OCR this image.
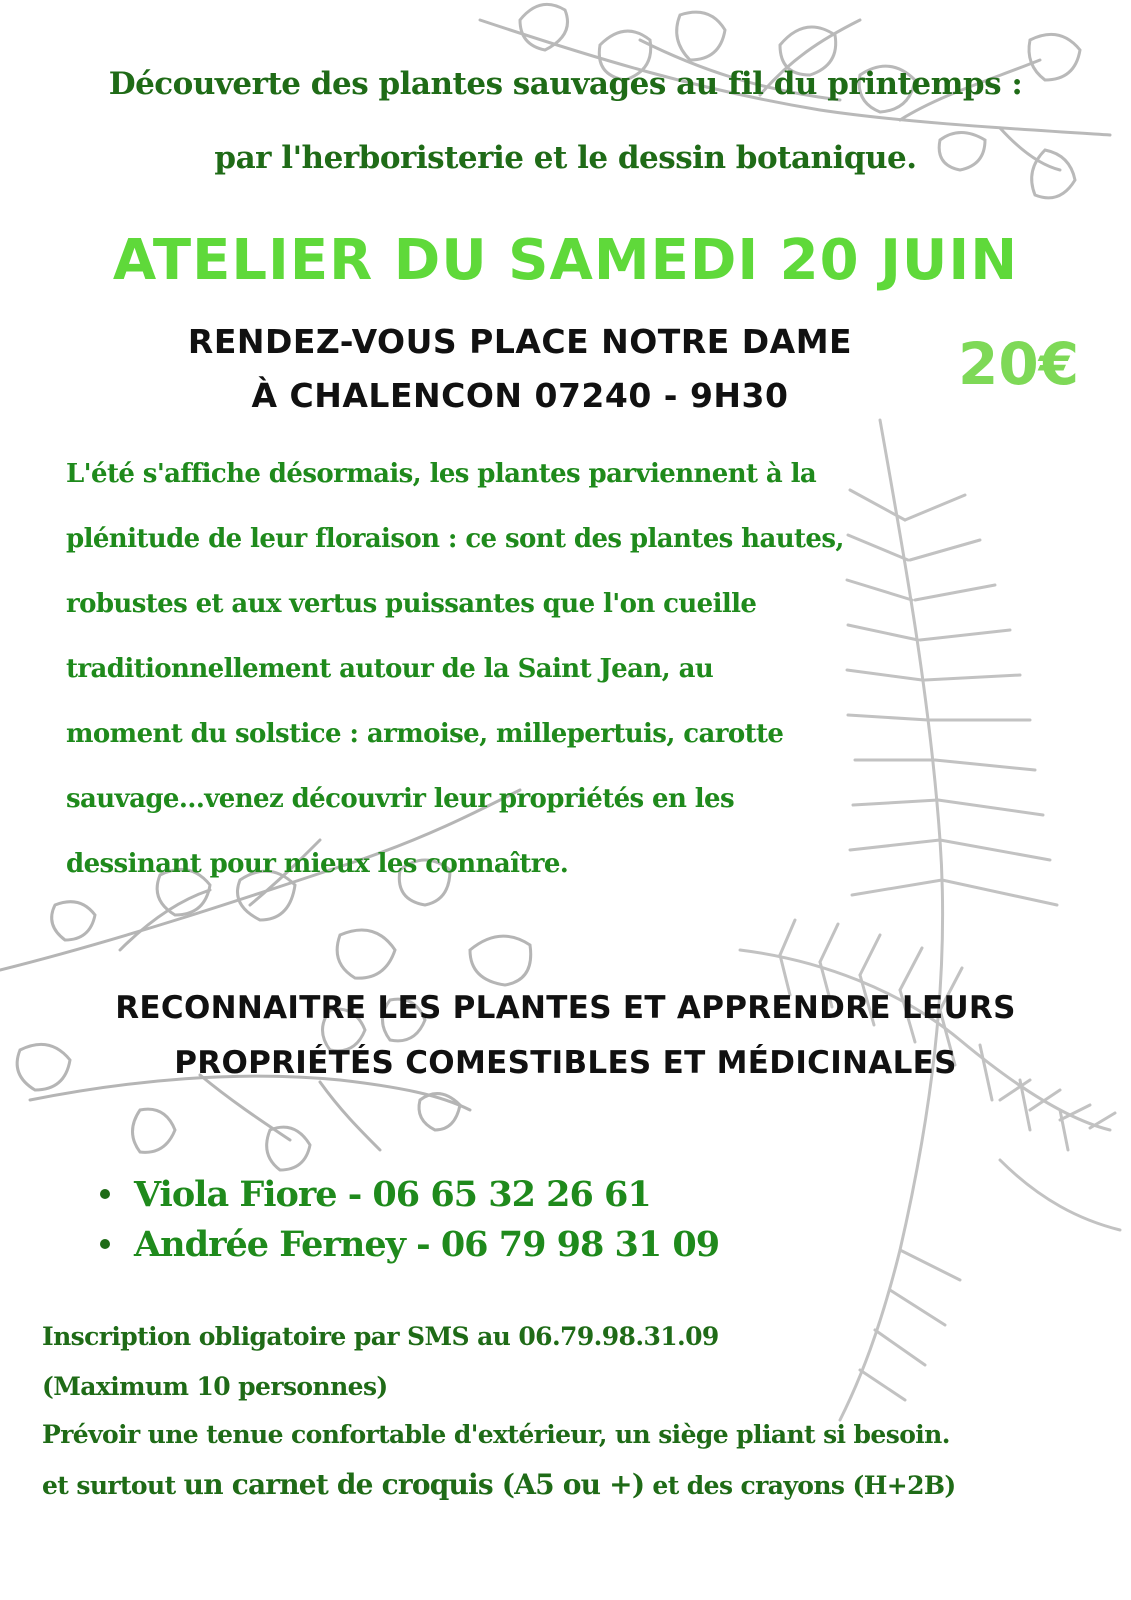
Découverte des plantes sauvages au fil du printemps :
par l'herboristerie et le dessin botanique.
ATELIER DU SAMEDI 20 JUIN
RENDEZ-VOUS PLACE NOTRE DAME
À CHALENCON 07240 - 9H30	20€

L'été s'affiche désormais, les plantes parviennent à la
plénitude de leur floraison : ce sont des plantes hautes,
robustes et aux vertus puissantes que l'on cueille
traditionnellement autour de la Saint Jean, au
moment du solstice : armoise, millepertuis, carotte
sauvage…venez découvrir leur propriétés en les
dessinant pour mieux les connaître.

RECONNAITRE LES PLANTES ET APPRENDRE LEURS
PROPRIÉTÉS COMESTIBLES ET MÉDICINALES
Viola Fiore - 06 65 32 26 61
Andrée Ferney - 06 79 98 31 09
Inscription obligatoire par SMS au 06.79.98.31.09
(Maximum 10 personnes)
Prévoir une tenue confortable d'extérieur, un siège pliant si besoin.
et surtout un carnet de croquis (A5 ou +) et des crayons (H+2B)
